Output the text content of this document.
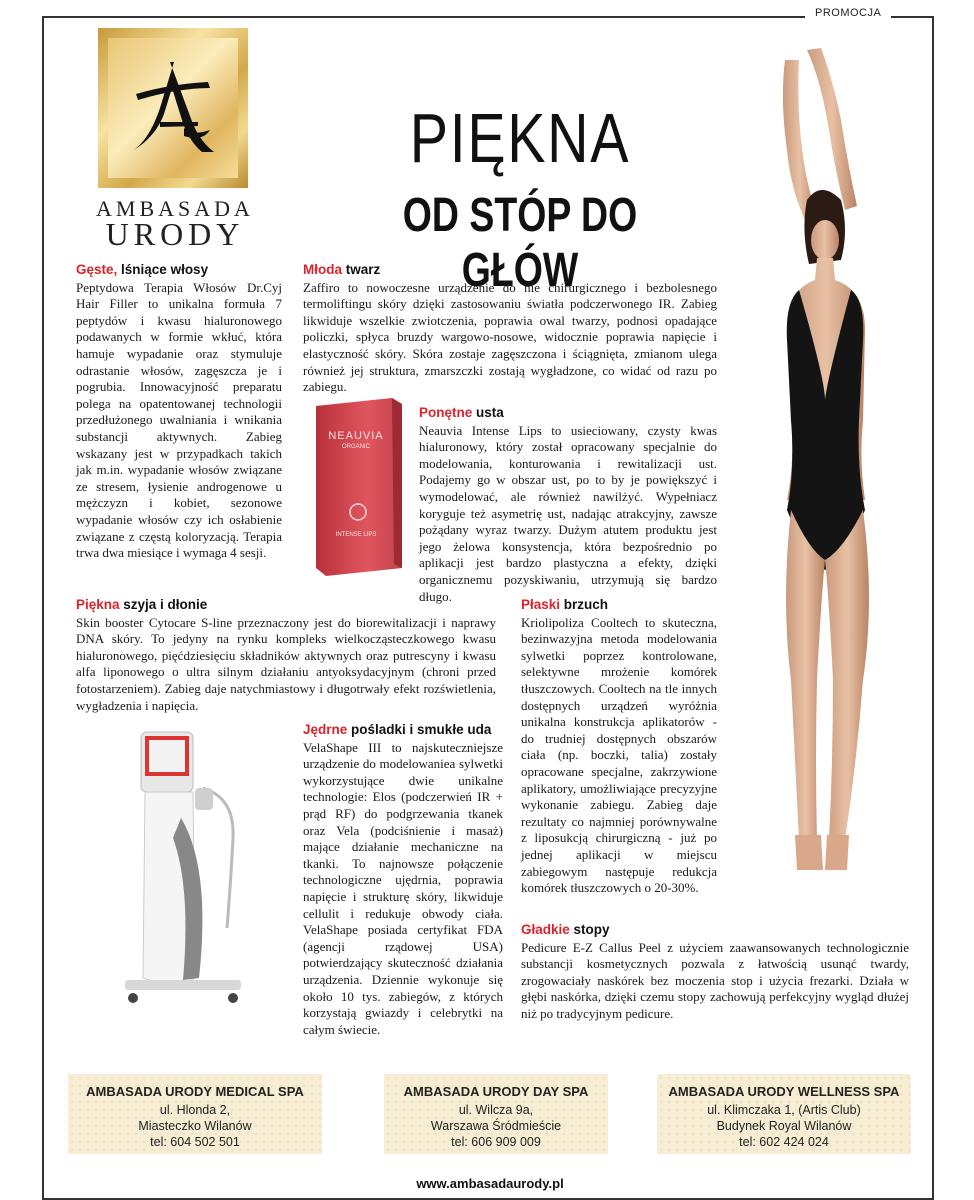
PROMOCJA
AMBASADA
URODY
PIĘKNA
OD STÓP DO GŁÓW
Gęste, lśniące włosy

Peptydowa Terapia Włosów Dr.Cyj Hair Filler to unikalna formuła 7 peptydów i kwasu hialuronowego podawanych w formie wkłuć, która hamuje wypadanie oraz stymuluje odrastanie włosów, zagęszcza je i pogrubia. Innowacyjność preparatu polega na opatentowanej technologii przedłużonego uwalniania i wnikania substancji aktywnych. Zabieg wskazany jest w przypadkach takich jak m.in. wypadanie włosów związane ze stresem, łysienie androgenowe u mężczyzn i kobiet, sezonowe wypadanie włosów czy ich osłabienie związane z częstą koloryzacją. Terapia trwa dwa miesiące i wymaga 4 sesji.

Młoda twarz

Zaffiro to nowoczesne urządzenie do nie chirurgicznego i bezbolesnego termoliftingu skóry dzięki zastosowaniu światła podczerwonego IR. Zabieg likwiduje wszelkie zwiotczenia, poprawia owal twarzy, podnosi opadające policzki, spłyca bruzdy wargowo-nosowe, widocznie poprawia napięcie i elastyczność skóry. Skóra zostaje zagęszczona i ściągnięta, zmianom ulega również jej struktura, zmarszczki zostają wygładzone, co widać od razu po zabiegu.

NEAUVIA
ORGANIC
INTENSE LIPS
Ponętne usta

Neauvia Intense Lips to usieciowany, czysty kwas hialuronowy, który został opracowany specjalnie do modelowania, konturowania i rewitalizacji ust. Podajemy go w obszar ust, po to by je powiększyć i wymodelować, ale również nawilżyć. Wypełniacz koryguje też asymetrię ust, nadając atrakcyjny, zawsze pożądany wyraz twarzy. Dużym atutem produktu jest jego żelowa konsystencja, która bezpośrednio po aplikacji jest bardzo plastyczna a efekty, dzięki organicznemu pozyskiwaniu, utrzymują się bardzo długo.

Piękna szyja i dłonie

Skin booster Cytocare S-line przeznaczony jest do biorewitalizacji i naprawy DNA skóry. To jedyny na rynku kompleks wielkocząsteczkowego kwasu hialuronowego, pięćdziesięciu składników aktywnych oraz putrescyny i kwasu alfa liponowego o ultra silnym działaniu antyoksydacyjnym (chroni przed fotostarzeniem). Zabieg daje natychmiastowy i długotrwały efekt rozświetlenia, wygładzenia i napięcia.

Płaski brzuch

Kriolipoliza Cooltech to skuteczna, bezinwazyjna metoda modelowania sylwetki poprzez kontrolowane, selektywne mrożenie komórek tłuszczowych. Cooltech na tle innych dostępnych urządzeń wyróżnia unikalna konstrukcja aplikatorów - do trudniej dostępnych obszarów ciała (np. boczki, talia) zostały opracowane specjalne, zakrzywione aplikatory, umożliwiające precyzyjne wykonanie zabiegu. Zabieg daje rezultaty co najmniej porównywalne z liposukcją chirurgiczną - już po jednej aplikacji w miejscu zabiegowym następuje redukcja komórek tłuszczowych o 20-30%.

Jędrne pośladki i smukłe uda

VelaShape III to najskuteczniejsze urządzenie do modelowaniea sylwetki wykorzystujące dwie unikalne technologie: Elos (podczerwień IR + prąd RF) do podgrzewania tkanek oraz Vela (podciśnienie i masaż) mające działanie mechaniczne na tkanki. To najnowsze połączenie technologiczne ujędrnia, poprawia napięcie i strukturę skóry, likwiduje cellulit i redukuje obwody ciała. VelaShape posiada certyfikat FDA (agencji rządowej USA) potwierdzający skuteczność działania urządzenia. Dziennie wykonuje się około 10 tys. zabiegów, z których korzystają gwiazdy i celebrytki na całym świecie.

Gładkie stopy

Pedicure E-Z Callus Peel z użyciem zaawansowanych technologicznie substancji kosmetycznych pozwala z łatwością usunąć twardy, zrogowaciały naskórek bez moczenia stop i użycia frezarki. Działa w głębi naskórka, dzięki czemu stopy zachowują perfekcyjny wygląd dłużej niż po tradycyjnym pedicure.

AMBASADA URODY MEDICAL SPA
ul. Hlonda 2,
Miasteczko Wilanów
tel: 604 502 501
AMBASADA URODY DAY SPA
ul. Wilcza 9a,
Warszawa Śródmieście
tel: 606 909 009
AMBASADA URODY WELLNESS SPA
ul. Klimczaka 1, (Artis Club)
Budynek Royal Wilanów
tel: 602 424 024
www.ambasadaurody.pl
